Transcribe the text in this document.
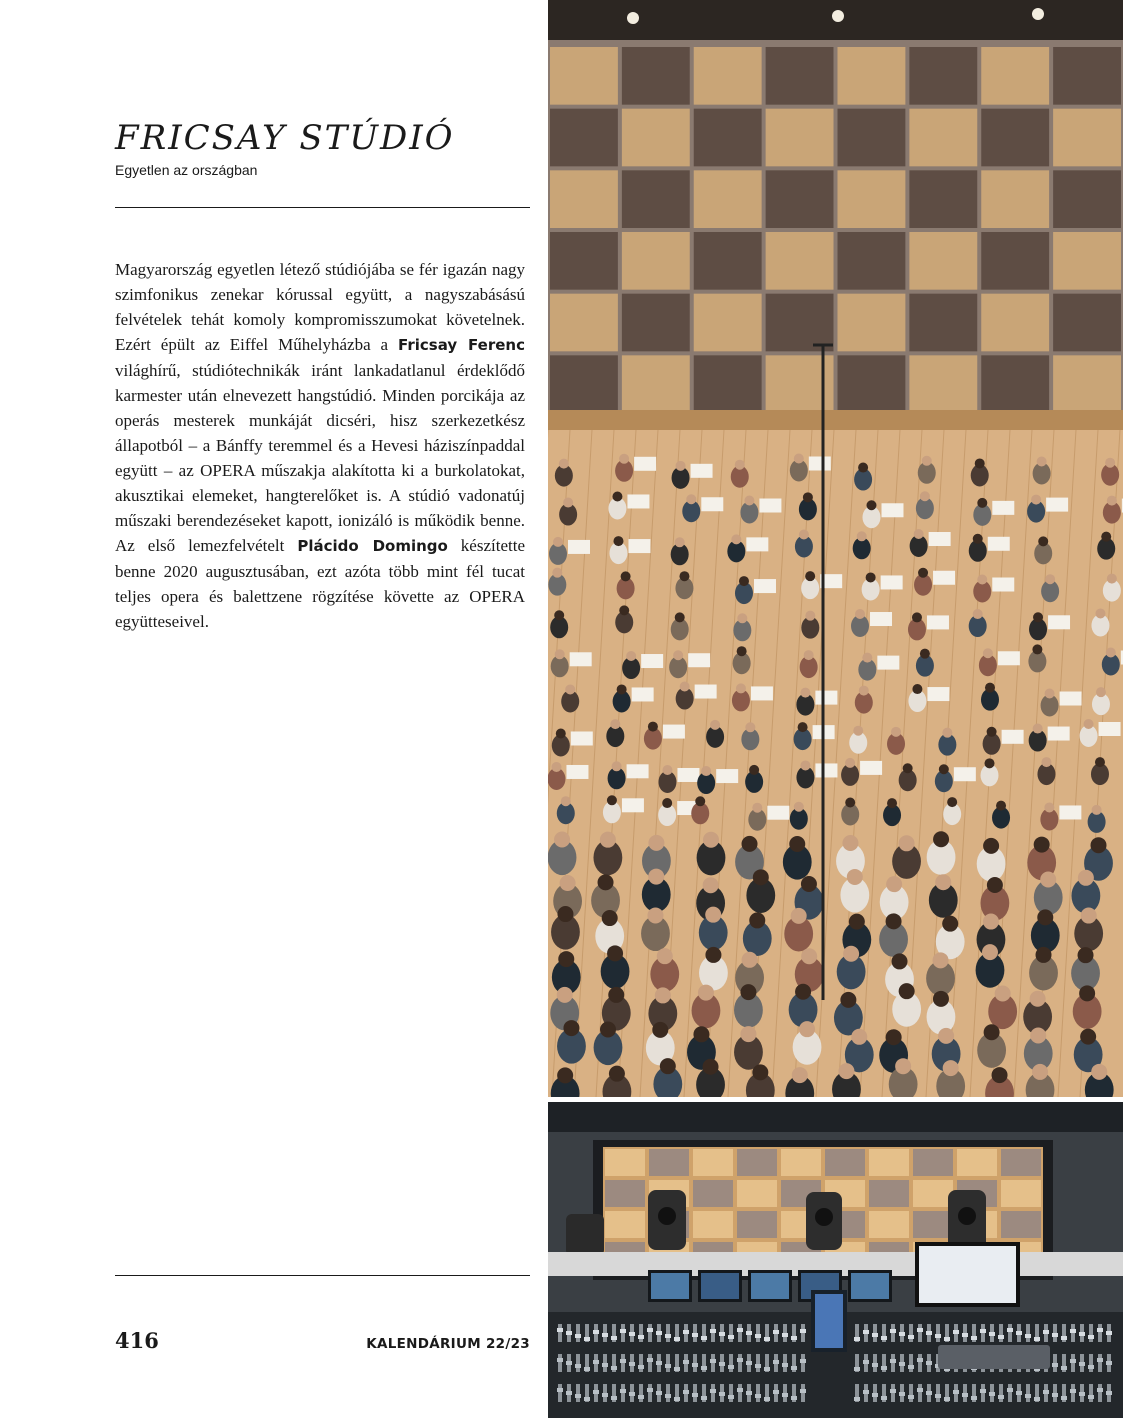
FRICSAY STÚDIÓ
Egyetlen az országban

Magyarország egyetlen létező stúdiójába se fér igazán nagy szimfonikus zenekar kórussal együtt, a nagyszabásású felvételek tehát komoly kompromisszumokat követelnek. Ezért épült az Eiffel Műhelyházba a Fricsay Ferenc világhírű, stúdiótechnikák iránt lankadatlanul érdeklődő karmester után elnevezett hangstúdió. Minden porcikája az operás mesterek munkáját dicséri, hisz szerkezetkész állapotból – a Bánffy teremmel és a Hevesi háziszínpaddal együtt – az OPERA műszakja alakította ki a burkolatokat, akusztikai elemeket, hangterelőket is. A stúdió vadonatúj műszaki berendezéseket kapott, ionizáló is működik benne. Az első lemezfelvételt Plácido Domingo készítette benne 2020 augusztusában, ezt azóta több mint fél tucat teljes opera és balettzene rögzítése követte az OPERA együtteseivel.

416	KALENDÁRIUM 22/23
